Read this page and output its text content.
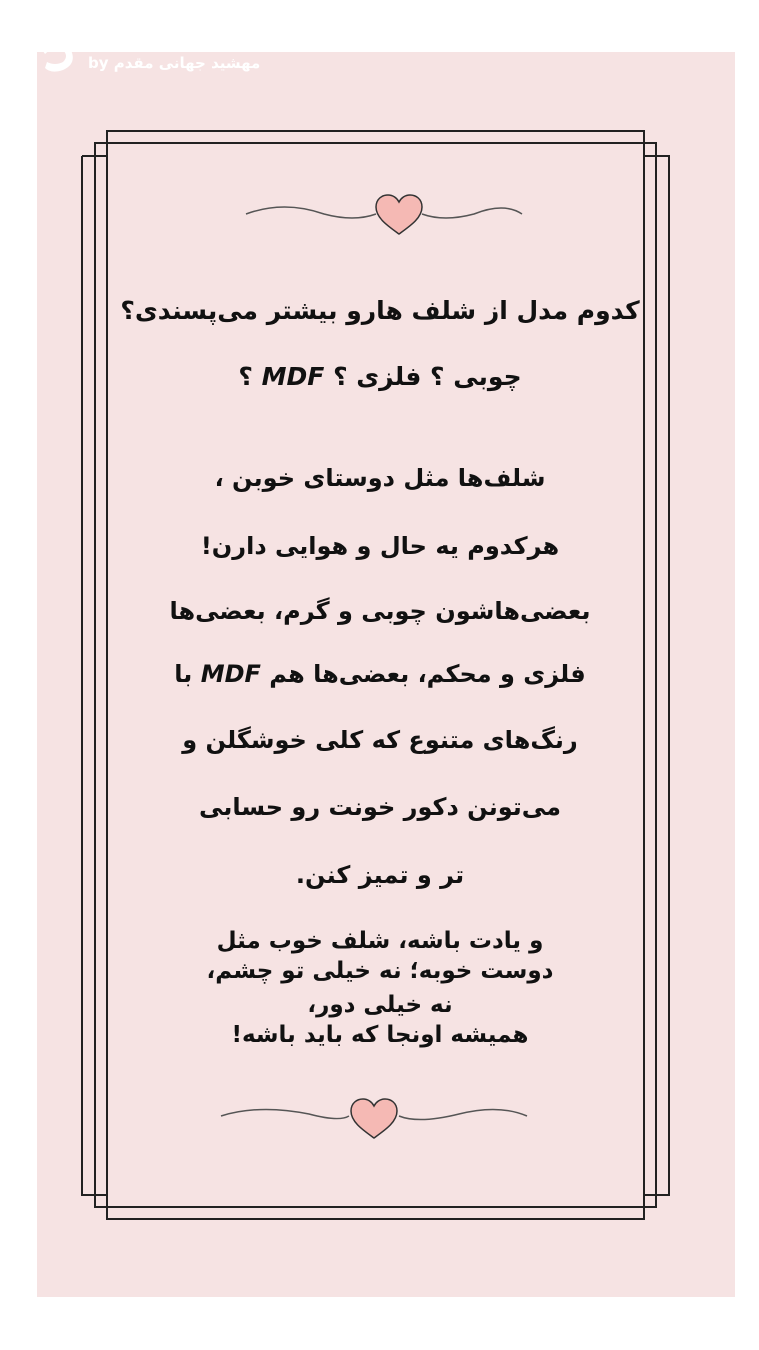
by مهشید جهانی مقدم
کدوم مدل از شلف هارو بیشتر می‌پسندی؟
چوبی ؟ فلزی ؟ MDF ؟
شلف‌ها مثل دوستای خوبن ،
هرکدوم یه حال و هوایی دارن!
بعضی‌هاشون چوبی و گرم، بعضی‌ها
فلزی و محکم، بعضی‌ها هم MDF با
رنگ‌های متنوع که کلی خوشگلن و
می‌تونن دکور خونت رو حسابی
تر و تمیز کنن.
و یادت باشه، شلف خوب مثل
دوست خوبه؛ نه خیلی تو چشم،
نه خیلی دور،
همیشه اونجا که باید باشه!
